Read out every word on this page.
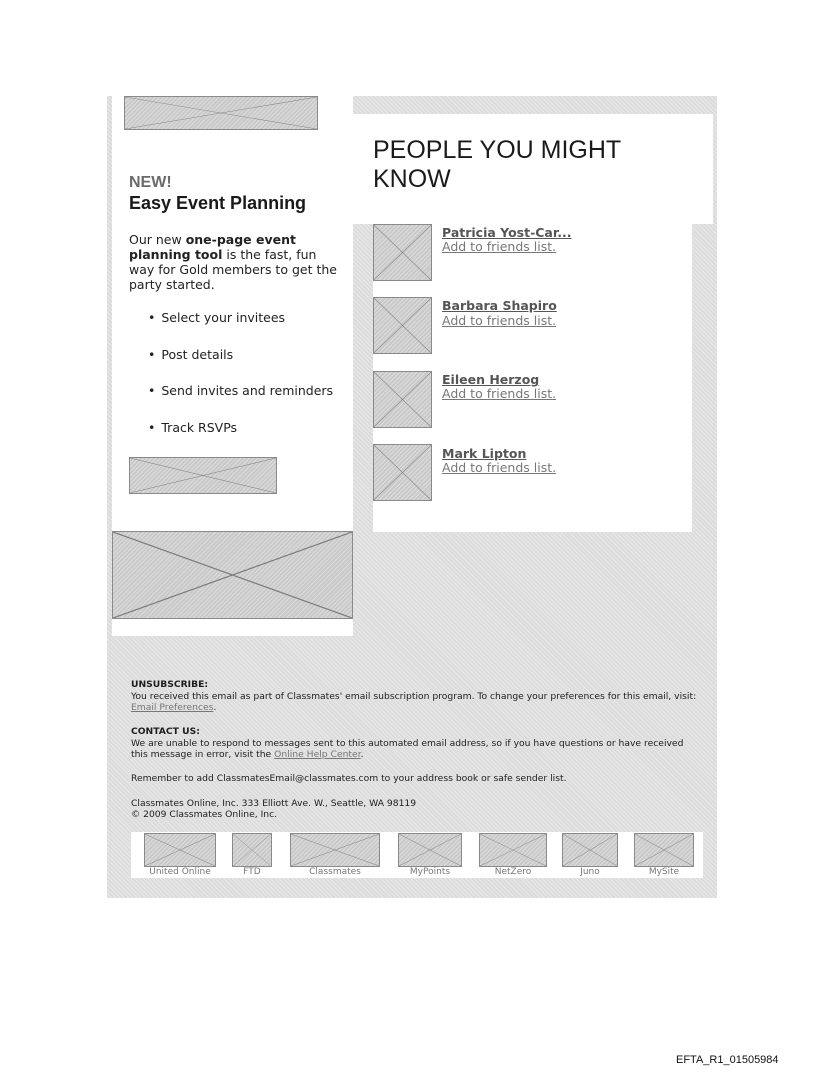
NEW!
Easy Event Planning
Our new one-page event planning tool is the fast, fun way for Gold members to get the party started.
• Select your invitees
• Post details
• Send invites and reminders
• Track RSVPs
PEOPLE YOU MIGHT KNOW
Patricia Yost-Car...
Add to friends list.
Barbara Shapiro
Add to friends list.
Eileen Herzog
Add to friends list.
Mark Lipton
Add to friends list.
UNSUBSCRIBE:
You received this email as part of Classmates' email subscription program. To change your preferences for this email, visit: Email Preferences.
CONTACT US:
We are unable to respond to messages sent to this automated email address, so if you have questions or have received this message in error, visit the Online Help Center.
Remember to add ClassmatesEmail@classmates.com to your address book or safe sender list.
Classmates Online, Inc. 333 Elliott Ave. W., Seattle, WA 98119
© 2009 Classmates Online, Inc.
United Online	FTD	Classmates	MyPoints	NetZero	Juno	MySite
EFTA_R1_01505984
